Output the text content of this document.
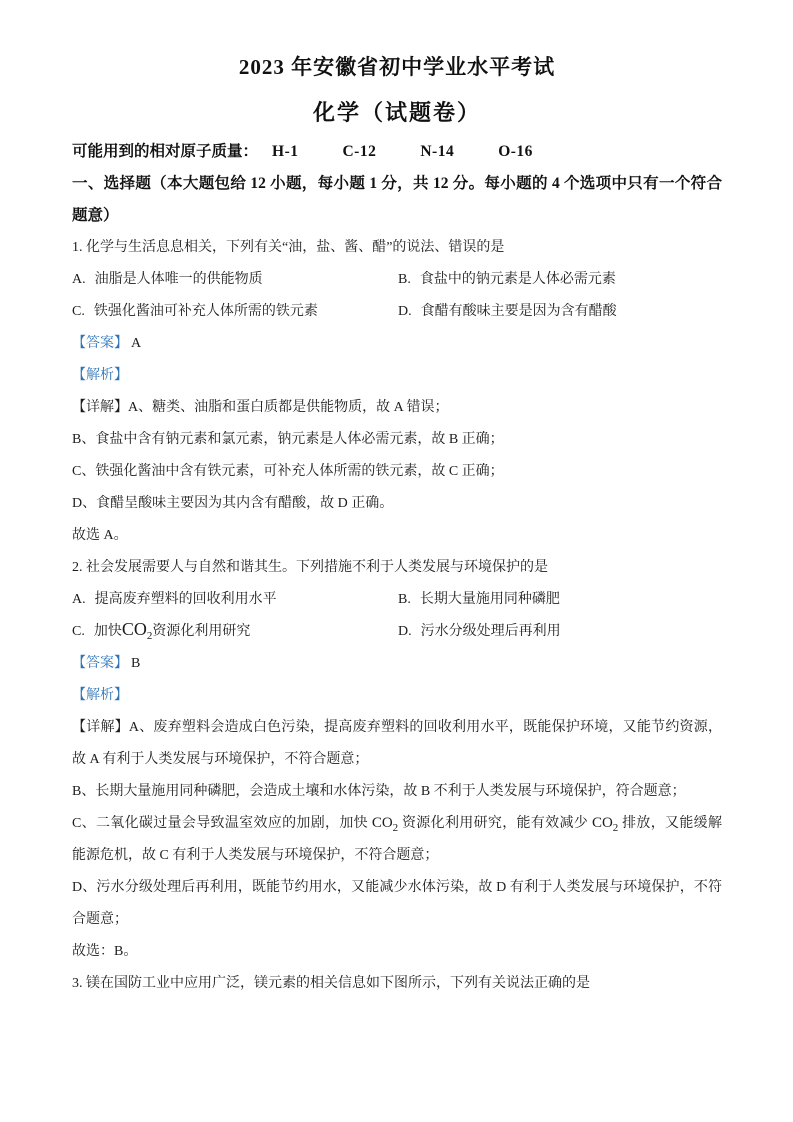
2023 年安徽省初中学业水平考试
化学（试题卷）

可能用到的相对原子质量： H-1	C-12	N-14	O-16

一、选择题（本大题包给 12 小题，每小题 1 分，共 12 分。每小题的 4 个选项中只有一个符合题意）

1. 化学与生活息息相关，下列有关“油，盐、酱、醋”的说法、错误的是

A. 油脂是人体唯一的供能物质	B. 食盐中的钠元素是人体必需元素

C. 铁强化酱油可补充人体所需的铁元素	D. 食醋有酸味主要是因为含有醋酸

【答案】 A

【解析】

【详解】A、糖类、油脂和蛋白质都是供能物质，故 A 错误；

B、食盐中含有钠元素和氯元素，钠元素是人体必需元素，故 B 正确；

C、铁强化酱油中含有铁元素，可补充人体所需的铁元素，故 C 正确；

D、食醋呈酸味主要因为其内含有醋酸，故 D 正确。

故选 A。

2. 社会发展需要人与自然和谐其生。下列措施不利于人类发展与环境保护的是

A. 提高废弃塑料的回收利用水平	B. 长期大量施用同种磷肥

C. 加快$CO_2$资源化利用研究	D. 污水分级处理后再利用

【答案】 B

【解析】

【详解】A、废弃塑料会造成白色污染，提高废弃塑料的回收利用水平，既能保护环境，又能节约资源，故 A 有利于人类发展与环境保护，不符合题意；

B、长期大量施用同种磷肥，会造成土壤和水体污染，故 B 不利于人类发展与环境保护，符合题意；

C、二氧化碳过量会导致温室效应的加剧，加快 $CO_2$ 资源化利用研究，能有效减少 $CO_2$ 排放，又能缓解能源危机，故 C 有利于人类发展与环境保护，不符合题意；

D、污水分级处理后再利用，既能节约用水，又能减少水体污染，故 D 有利于人类发展与环境保护，不符合题意；

故选：B。

3. 镁在国防工业中应用广泛，镁元素的相关信息如下图所示，下列有关说法正确的是
